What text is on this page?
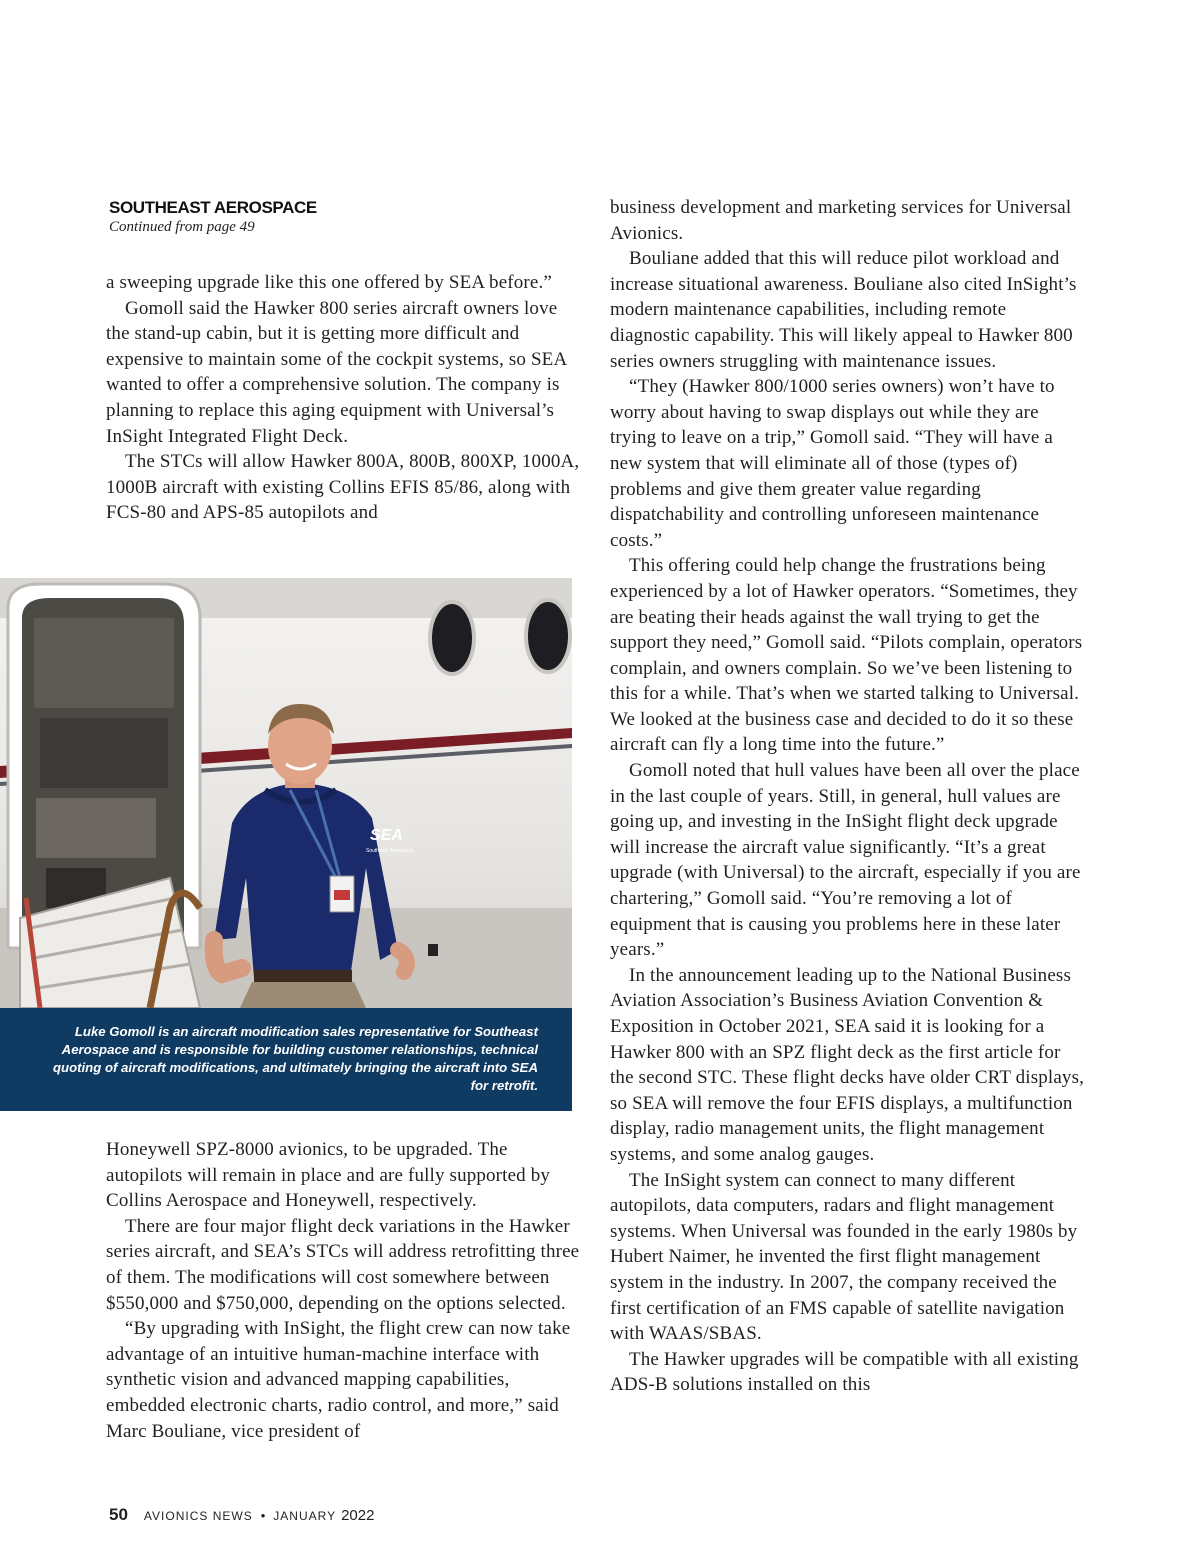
SOUTHEAST AEROSPACE
Continued from page 49

a sweeping upgrade like this one offered by SEA before.”

Gomoll said the Hawker 800 series aircraft owners love the stand-up cabin, but it is getting more difficult and expensive to maintain some of the cockpit systems, so SEA wanted to offer a comprehensive solution. The company is planning to replace this aging equipment with Universal’s InSight Integrated Flight Deck.

The STCs will allow Hawker 800A, 800B, 800XP, 1000A, 1000B aircraft with existing Collins EFIS 85/86, along with FCS-80 and APS-85 autopilots and

SEA
Southeast Aerospace
Luke Gomoll is an aircraft modification sales representative for Southeast Aerospace and is responsible for building customer relationships, technical quoting of aircraft modifications, and ultimately bringing the aircraft into SEA for retrofit.

Honeywell SPZ-8000 avionics, to be upgraded. The autopilots will remain in place and are fully supported by Collins Aerospace and Honeywell, respectively.

There are four major flight deck variations in the Hawker series aircraft, and SEA’s STCs will address retrofitting three of them. The modifications will cost somewhere between $550,000 and $750,000, depending on the options selected.

“By upgrading with InSight, the flight crew can now take advantage of an intuitive human-machine interface with synthetic vision and advanced mapping capabilities, embedded electronic charts, radio control, and more,” said Marc Bouliane, vice president of

business development and marketing services for Universal Avionics.

Bouliane added that this will reduce pilot workload and increase situational awareness. Bouliane also cited InSight’s modern maintenance capabilities, including remote diagnostic capability. This will likely appeal to Hawker 800 series owners struggling with maintenance issues.

“They (Hawker 800/1000 series owners) won’t have to worry about having to swap displays out while they are trying to leave on a trip,” Gomoll said. “They will have a new system that will eliminate all of those (types of) problems and give them greater value regarding dispatchability and controlling unforeseen maintenance costs.”

This offering could help change the frustrations being experienced by a lot of Hawker operators. “Sometimes, they are beating their heads against the wall trying to get the support they need,” Gomoll said. “Pilots complain, operators complain, and owners complain. So we’ve been listening to this for a while. That’s when we started talking to Universal. We looked at the business case and decided to do it so these aircraft can fly a long time into the future.”

Gomoll noted that hull values have been all over the place in the last couple of years. Still, in general, hull values are going up, and investing in the InSight flight deck upgrade will increase the aircraft value significantly. “It’s a great upgrade (with Universal) to the aircraft, especially if you are chartering,” Gomoll said. “You’re removing a lot of equipment that is causing you problems here in these later years.”

In the announcement leading up to the National Business Aviation Association’s Business Aviation Convention & Exposition in October 2021, SEA said it is looking for a Hawker 800 with an SPZ flight deck as the first article for the second STC. These flight decks have older CRT displays, so SEA will remove the four EFIS displays, a multifunction display, radio management units, the flight management systems, and some analog gauges.

The InSight system can connect to many different autopilots, data computers, radars and flight management systems. When Universal was founded in the early 1980s by Hubert Naimer, he invented the first flight management system in the industry. In 2007, the company received the first certification of an FMS capable of satellite navigation with WAAS/SBAS.

The Hawker upgrades will be compatible with all existing ADS-B solutions installed on this

50 AVIONICS NEWS • JANUARY 2022
